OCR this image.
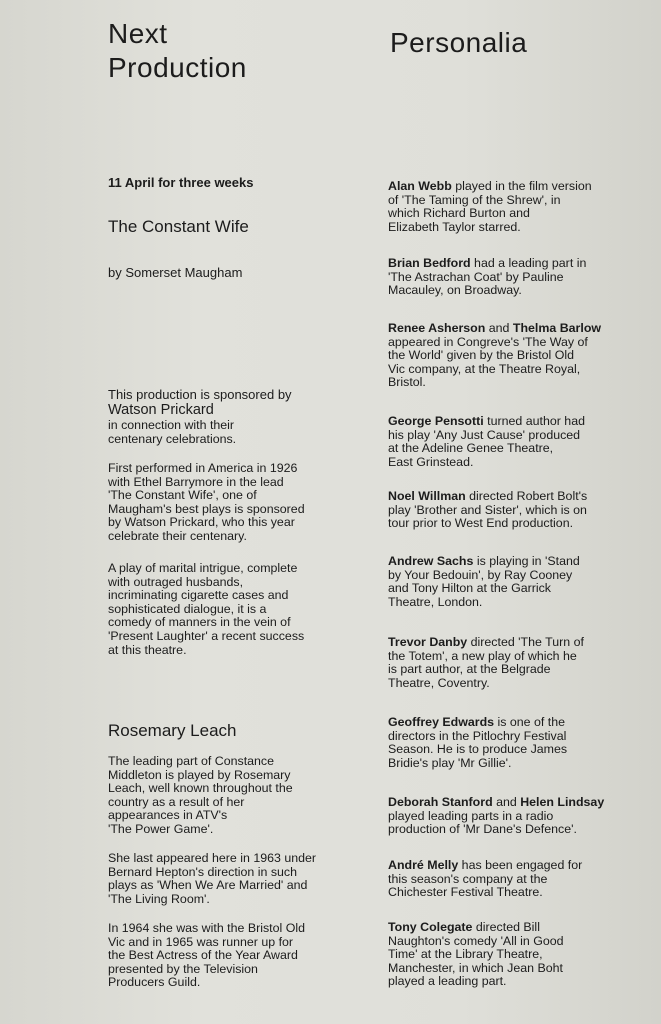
Next
Production
11 April for three weeks
The Constant Wife
by Somerset Maugham
This production is sponsored by
Watson Prickard
in connection with their
centenary celebrations.

First performed in America in 1926
with Ethel Barrymore in the lead
'The Constant Wife', one of
Maugham's best plays is sponsored
by Watson Prickard, who this year
celebrate their centenary.

A play of marital intrigue, complete
with outraged husbands,
incriminating cigarette cases and
sophisticated dialogue, it is a
comedy of manners in the vein of
'Present Laughter' a recent success
at this theatre.

Rosemary Leach

The leading part of Constance
Middleton is played by Rosemary
Leach, well known throughout the
country as a result of her
appearances in ATV's
'The Power Game'.

She last appeared here in 1963 under
Bernard Hepton's direction in such
plays as 'When We Are Married' and
'The Living Room'.

In 1964 she was with the Bristol Old
Vic and in 1965 was runner up for
the Best Actress of the Year Award
presented by the Television
Producers Guild.

Personalia

Alan Webb played in the film version
of 'The Taming of the Shrew', in
which Richard Burton and
Elizabeth Taylor starred.

Brian Bedford had a leading part in
'The Astrachan Coat' by Pauline
Macauley, on Broadway.

Renee Asherson and Thelma Barlow
appeared in Congreve's 'The Way of
the World' given by the Bristol Old
Vic company, at the Theatre Royal,
Bristol.

George Pensotti turned author had
his play 'Any Just Cause' produced
at the Adeline Genee Theatre,
East Grinstead.

Noel Willman directed Robert Bolt's
play 'Brother and Sister', which is on
tour prior to West End production.

Andrew Sachs is playing in 'Stand
by Your Bedouin', by Ray Cooney
and Tony Hilton at the Garrick
Theatre, London.

Trevor Danby directed 'The Turn of
the Totem', a new play of which he
is part author, at the Belgrade
Theatre, Coventry.

Geoffrey Edwards is one of the
directors in the Pitlochry Festival
Season. He is to produce James
Bridie's play 'Mr Gillie'.

Deborah Stanford and Helen Lindsay
played leading parts in a radio
production of 'Mr Dane's Defence'.

André Melly has been engaged for
this season's company at the
Chichester Festival Theatre.

Tony Colegate directed Bill
Naughton's comedy 'All in Good
Time' at the Library Theatre,
Manchester, in which Jean Boht
played a leading part.
